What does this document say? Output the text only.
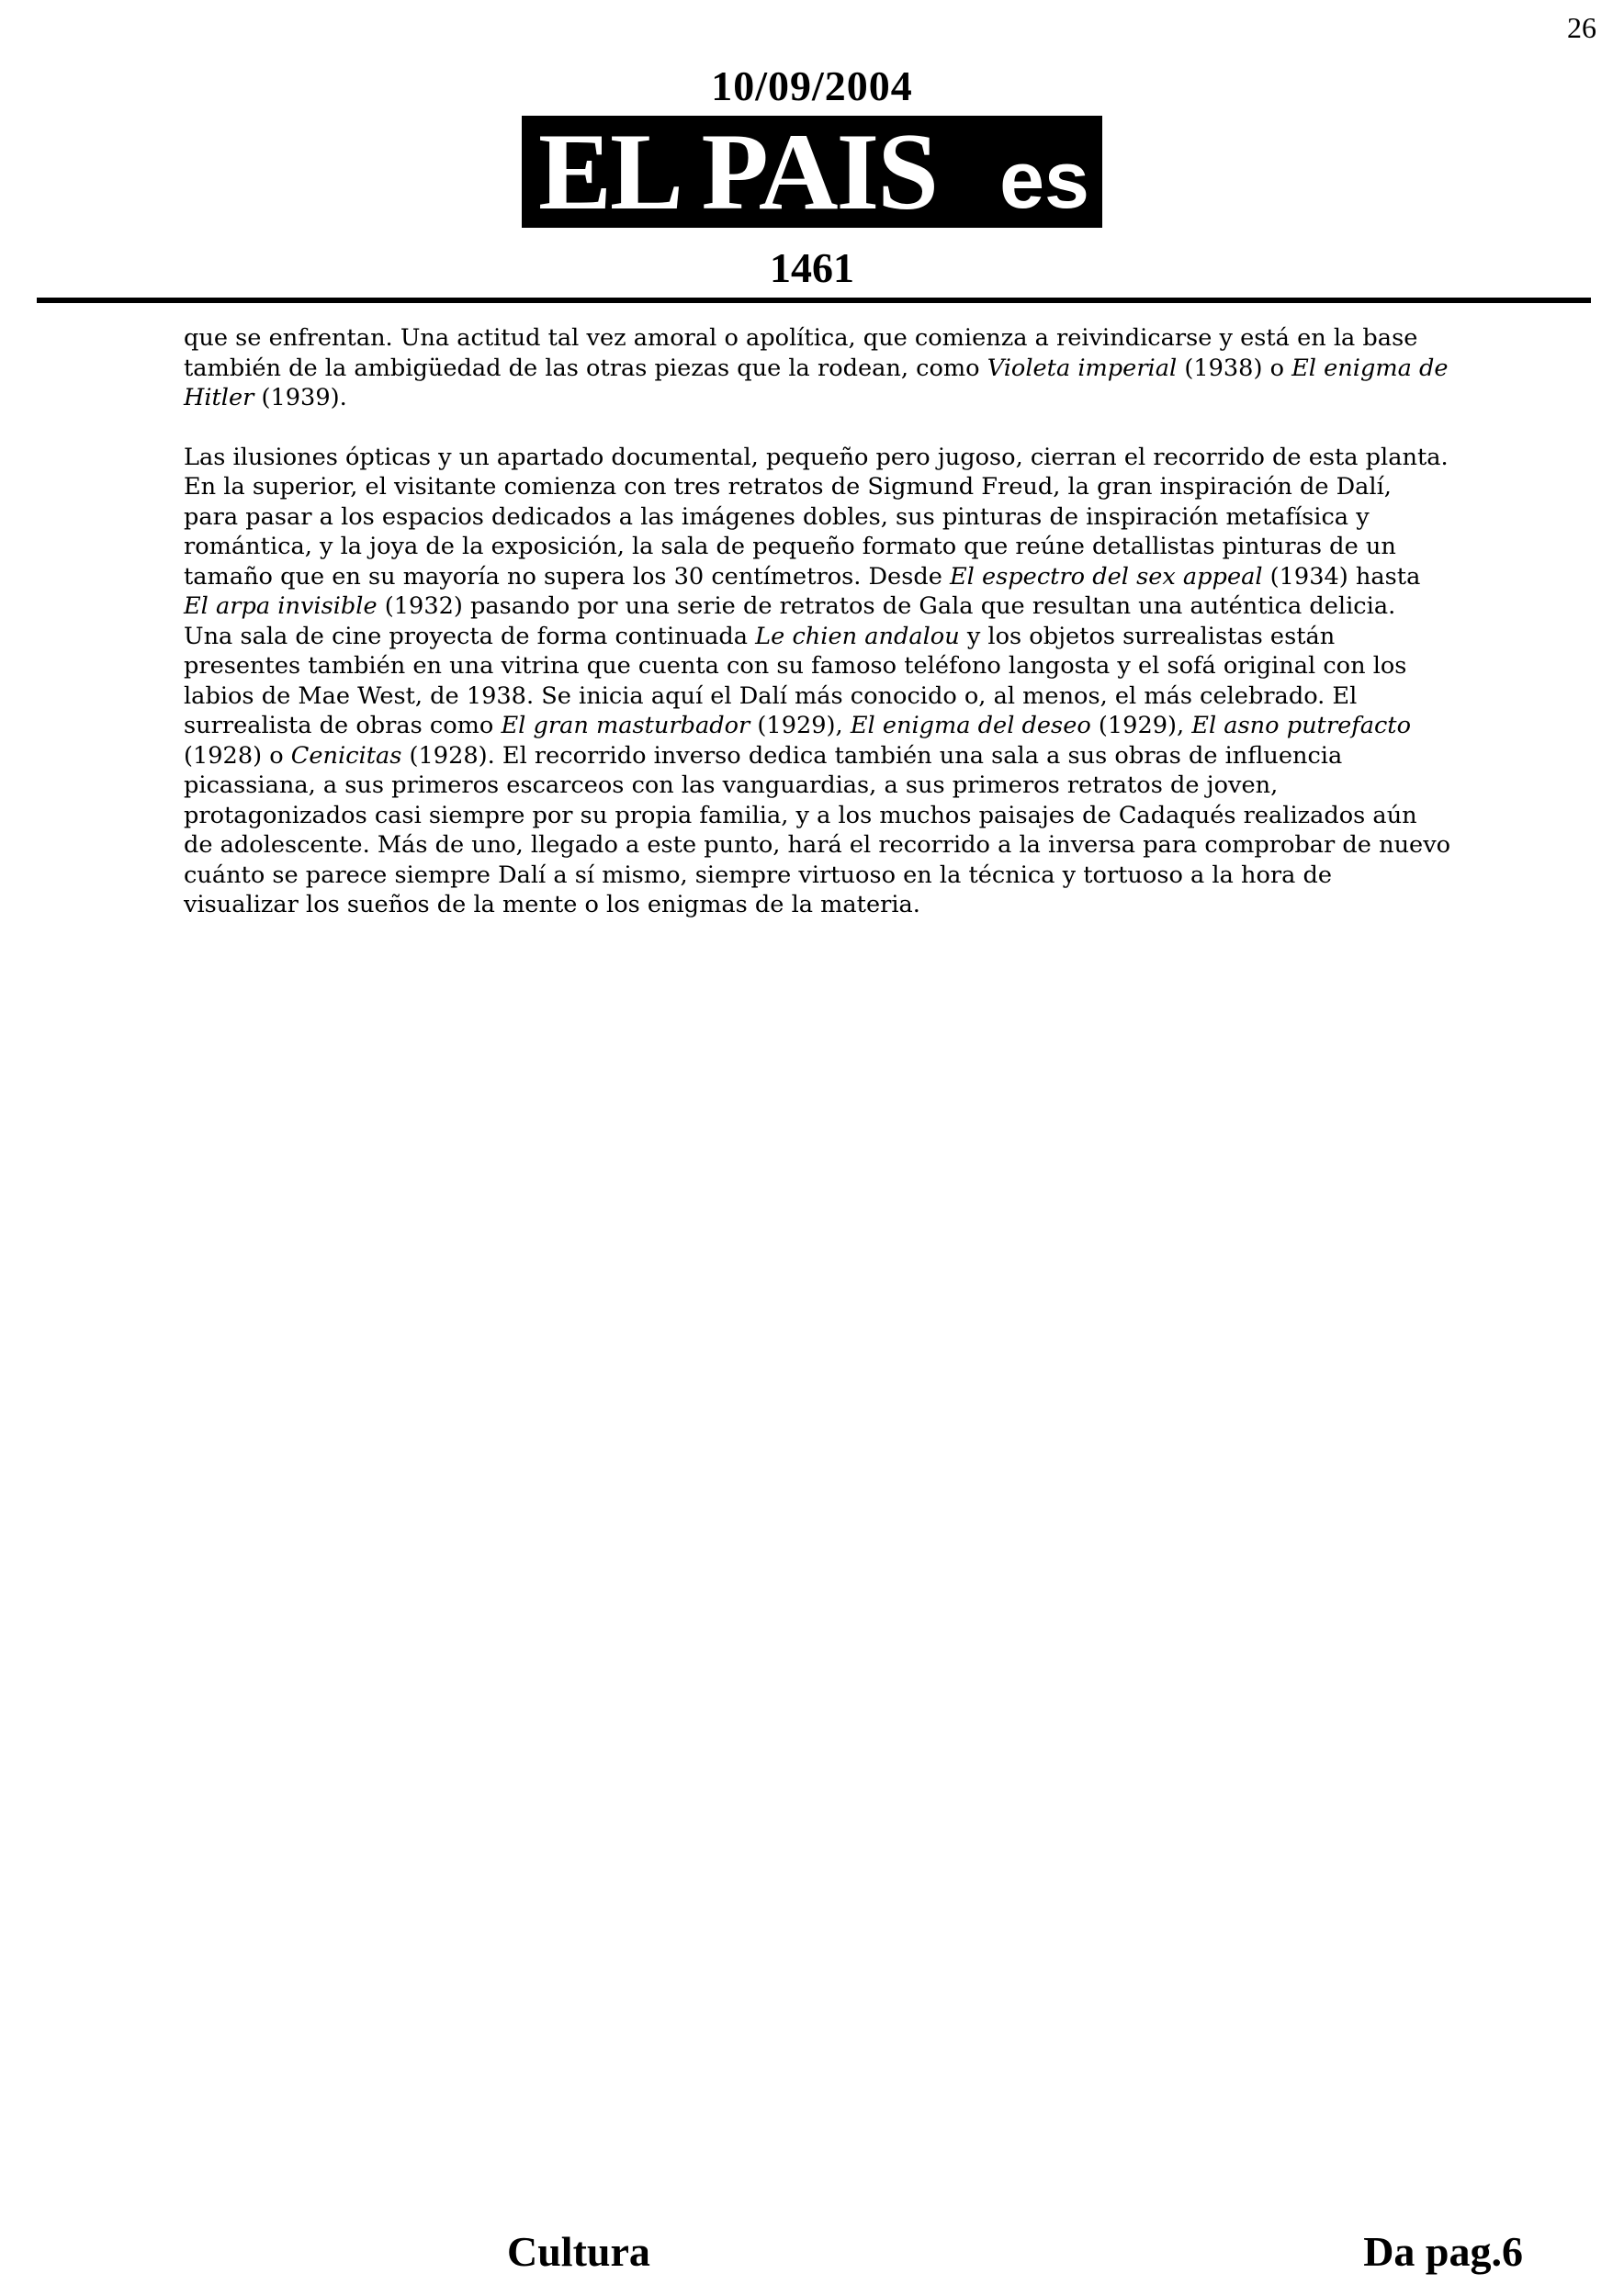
26
10/09/2004
EL PAIS es
1461

que se enfrentan. Una actitud tal vez amoral o apolítica, que comienza a reivindicarse y está en la base también de la ambigüedad de las otras piezas que la rodean, como Violeta imperial (1938) o El enigma de Hitler (1939).

Las ilusiones ópticas y un apartado documental, pequeño pero jugoso, cierran el recorrido de esta planta. En la superior, el visitante comienza con tres retratos de Sigmund Freud, la gran inspiración de Dalí, para pasar a los espacios dedicados a las imágenes dobles, sus pinturas de inspiración metafísica y romántica, y la joya de la exposición, la sala de pequeño formato que reúne detallistas pinturas de un tamaño que en su mayoría no supera los 30 centímetros. Desde El espectro del sex appeal (1934) hasta El arpa invisible (1932) pasando por una serie de retratos de Gala que resultan una auténtica delicia. Una sala de cine proyecta de forma continuada Le chien andalou y los objetos surrealistas están presentes también en una vitrina que cuenta con su famoso teléfono langosta y el sofá original con los labios de Mae West, de 1938. Se inicia aquí el Dalí más conocido o, al menos, el más celebrado. El surrealista de obras como El gran masturbador (1929), El enigma del deseo (1929), El asno putrefacto (1928) o Cenicitas (1928). El recorrido inverso dedica también una sala a sus obras de influencia picassiana, a sus primeros escarceos con las vanguardias, a sus primeros retratos de joven, protagonizados casi siempre por su propia familia, y a los muchos paisajes de Cadaqués realizados aún de adolescente. Más de uno, llegado a este punto, hará el recorrido a la inversa para comprobar de nuevo cuánto se parece siempre Dalí a sí mismo, siempre virtuoso en la técnica y tortuoso a la hora de visualizar los sueños de la mente o los enigmas de la materia.

Cultura	Da pag.6
